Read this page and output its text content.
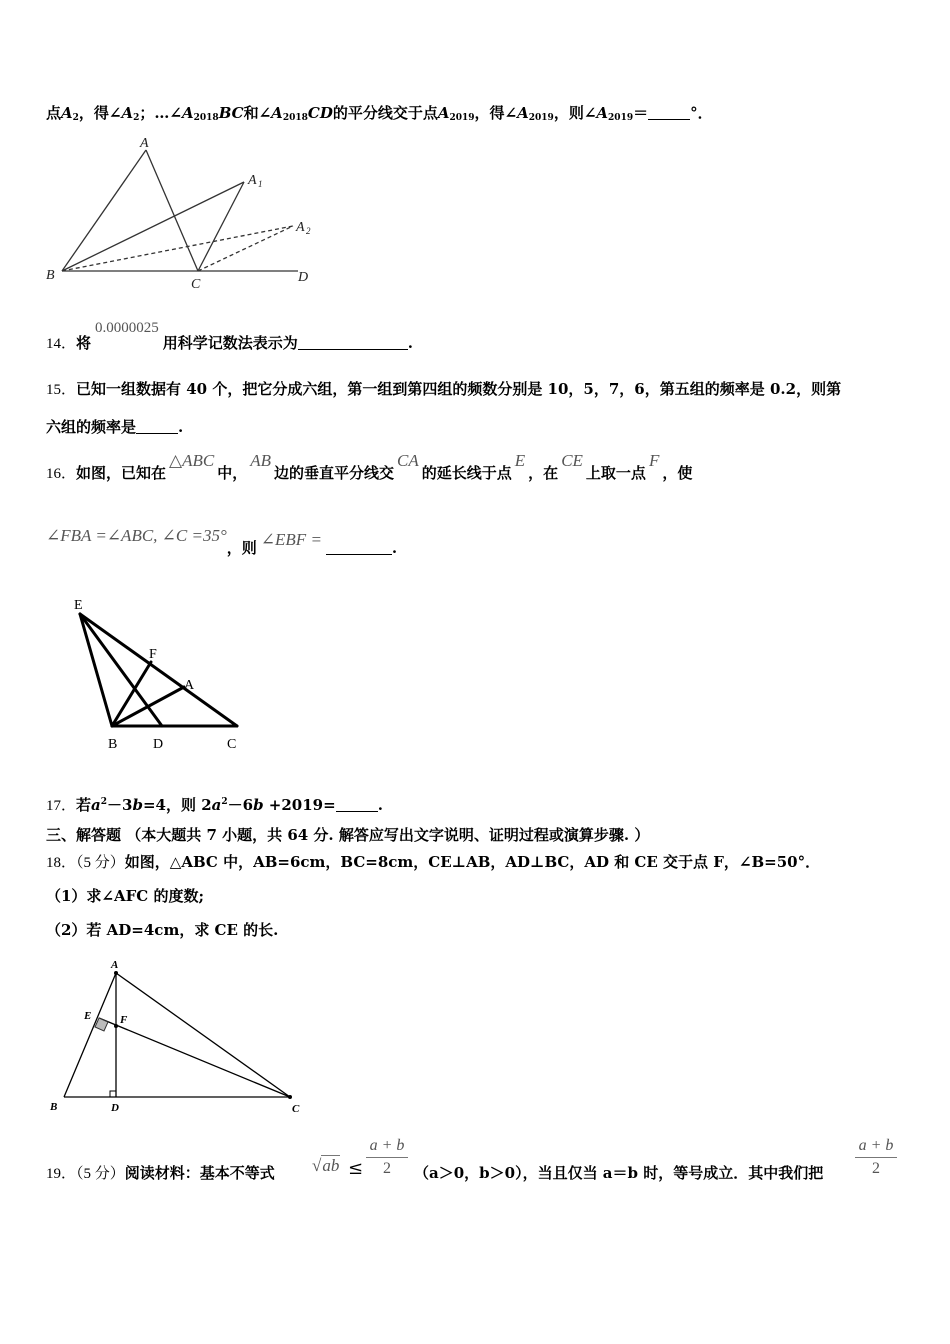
点$A_2$，得$\angle A_2$；$\dots\angle A_{2018}BC$和$\angle A_{2018}CD$的平分线交于点$A_{2019}$，得$\angle A_{2019}$，则$\angle A_{2019}=$	°．
A
A 1
A 2
B
C	D
14．将0.0000025用科学记数法表示为	.
15．已知一组数据有 40 个，把它分成六组，第一组到第四组的频数分别是 10，5，7，6，第五组的频率是 0.2，则第
六组的频率是	.
16．如图，已知在△ABC中，AB边的垂直平分线交CA的延长线于点E，在CE上取一点F，使
∠FBA =∠ABC, ∠C =35°，则 ∠EBF =	.
E
F
A
B	D	C
17．若$a^2-3b=4$，则 $2a^2-6b +2019=$	.
三、解答题 （本大题共 7 小题，共 64 分. 解答应写出文字说明、证明过程或演算步骤. ）
18．（5 分）如图，△ABC 中，AB=6cm，BC=8cm，CE⊥AB，AD⊥BC，AD 和 CE 交于点 F，∠B=50°．
（1）求∠AFC 的度数;
（2）若 AD=4cm，求 CE 的长.
A
E	F
B	D	C
19．（5 分）阅读材料：基本不等式 √ab ≤
a + b
2	（a＞0，b＞0），当且仅当 a＝b 时，等号成立．其中我们把
a + b
2
